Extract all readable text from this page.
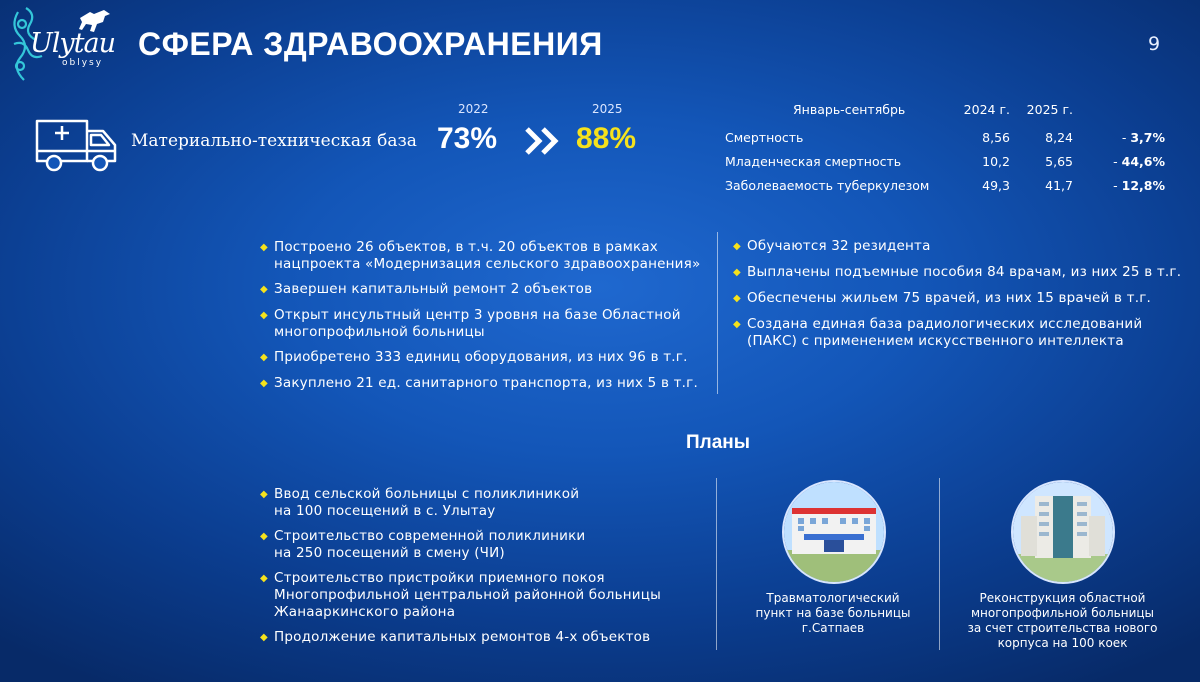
Ulytau
oblysy
СФЕРА ЗДРАВООХРАНЕНИЯ	9
Материально-техническая база
2022	2025
73%	88%
Январь-сентябрь	2024 г.	2025 г.
Смертность	8,56	8,24	- 3,7%
Младенческая смертность	10,2	5,65	- 44,6%
Заболеваемость туберкулезом	49,3	41,7	- 12,8%
◆ Построено 26 объектов, в т.ч. 20 объектов в рамках
нацпроекта «Модернизация сельского здравоохранения»
◆ Завершен капитальный ремонт 2 объектов
◆ Открыт инсультный центр 3 уровня на базе Областной
многопрофильной больницы
◆ Приобретено 333 единиц оборудования, из них 96 в т.г.
◆ Закуплено 21 ед. санитарного транспорта, из них 5 в т.г.
◆ Обучаются 32 резидента
◆ Выплачены подъемные пособия 84 врачам, из них 25 в т.г.
◆ Обеспечены жильем 75 врачей, из них 15 врачей в т.г.
◆ Создана единая база радиологических исследований
(ПАКС) с применением искусственного интеллекта
Планы
◆ Ввод сельской больницы с поликлиникой
на 100 посещений в с. Улытау
◆ Строительство современной поликлиники
на 250 посещений в смену (ЧИ)
◆ Строительство пристройки приемного покоя
Многопрофильной центральной районной больницы
Жанааркинского района
◆ Продолжение капитальных ремонтов 4-х объектов
Травматологический
пункт на базе больницы
г.Сатпаев
Реконструкция областной
многопрофильной больницы
за счет строительства нового
корпуса на 100 коек
